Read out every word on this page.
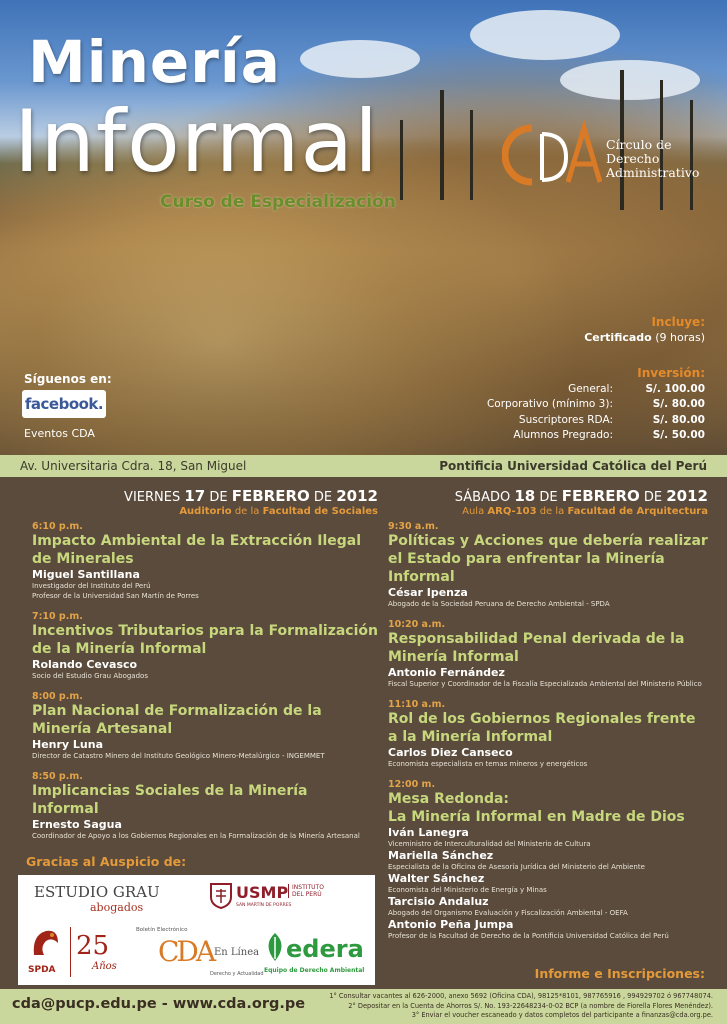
Minería
Informal
Curso de Especialización
Círculo de
Derecho
Administrativo
Incluye:
Certificado (9 horas)
Inversión:
General:	S/. 100.00
Corporativo (mínimo 3):	S/. 80.00
Suscriptores RDA:	S/. 80.00
Alumnos Pregrado:	S/. 50.00
Síguenos en:
facebook.
Eventos CDA
Av. Universitaria Cdra. 18, San Miguel	Pontificia Universidad Católica del Perú
VIERNES 17 DE FEBRERO DE 2012
Auditorio de la Facultad de Sociales
6:10 p.m.
Impacto Ambiental de la Extracción Ilegal de Minerales
Miguel Santillana
Investigador del Instituto del Perú
Profesor de la Universidad San Martín de Porres
7:10 p.m.
Incentivos Tributarios para la Formalización de la Minería Informal
Rolando Cevasco
Socio del Estudio Grau Abogados
8:00 p.m.
Plan Nacional de Formalización de la Minería Artesanal
Henry Luna
Director de Catastro Minero del Instituto Geológico Minero-Metalúrgico - INGEMMET
8:50 p.m.
Implicancias Sociales de la Minería Informal
Ernesto Sagua
Coordinador de Apoyo a los Gobiernos Regionales en la Formalización de la Minería Artesanal
Gracias al Auspicio de:
ESTUDIO GRAU
abogados
USMP INSTITUTO DEL PERÚ
SAN MARTÍN DE PORRES
SPDA
25
Años
Boletín Electrónico
CDA En Línea
Derecho y Actualidad
edera
Equipo de Derecho Ambiental
SÁBADO 18 DE FEBRERO DE 2012
Aula ARQ-103 de la Facultad de Arquitectura
9:30 a.m.
Políticas y Acciones que debería realizar el Estado para enfrentar la Minería Informal
César Ipenza
Abogado de la Sociedad Peruana de Derecho Ambiental - SPDA
10:20 a.m.
Responsabilidad Penal derivada de la Minería Informal
Antonio Fernández
Fiscal Superior y Coordinador de la Fiscalía Especializada Ambiental del Ministerio Público
11:10 a.m.
Rol de los Gobiernos Regionales frente a la Minería Informal
Carlos Diez Canseco
Economista especialista en temas mineros y energéticos
12:00 m.
Mesa Redonda:
La Minería Informal en Madre de Dios
Iván Lanegra
Viceministro de Interculturalidad del Ministerio de Cultura
Mariella Sánchez
Especialista de la Oficina de Asesoría Jurídica del Ministerio del Ambiente
Walter Sánchez
Economista del Ministerio de Energía y Minas
Tarcisio Andaluz
Abogado del Organismo Evaluación y Fiscalización Ambiental - OEFA
Antonio Peña Jumpa
Profesor de la Facultad de Derecho de la Pontificia Universidad Católica del Perú
Informe e Inscripciones:
cda@pucp.edu.pe - www.cda.org.pe	1° Consultar vacantes al 626-2000, anexo 5692 (Oficina CDA), 98125*8101, 987765916 , 994929702 ó 967748074.
2° Depositar en la Cuenta de Ahorros S/. No. 193-22648234-0-02 BCP (a nombre de Fiorella Flores Menéndez).
3° Enviar el voucher escaneado y datos completos del participante a finanzas@cda.org.pe.
